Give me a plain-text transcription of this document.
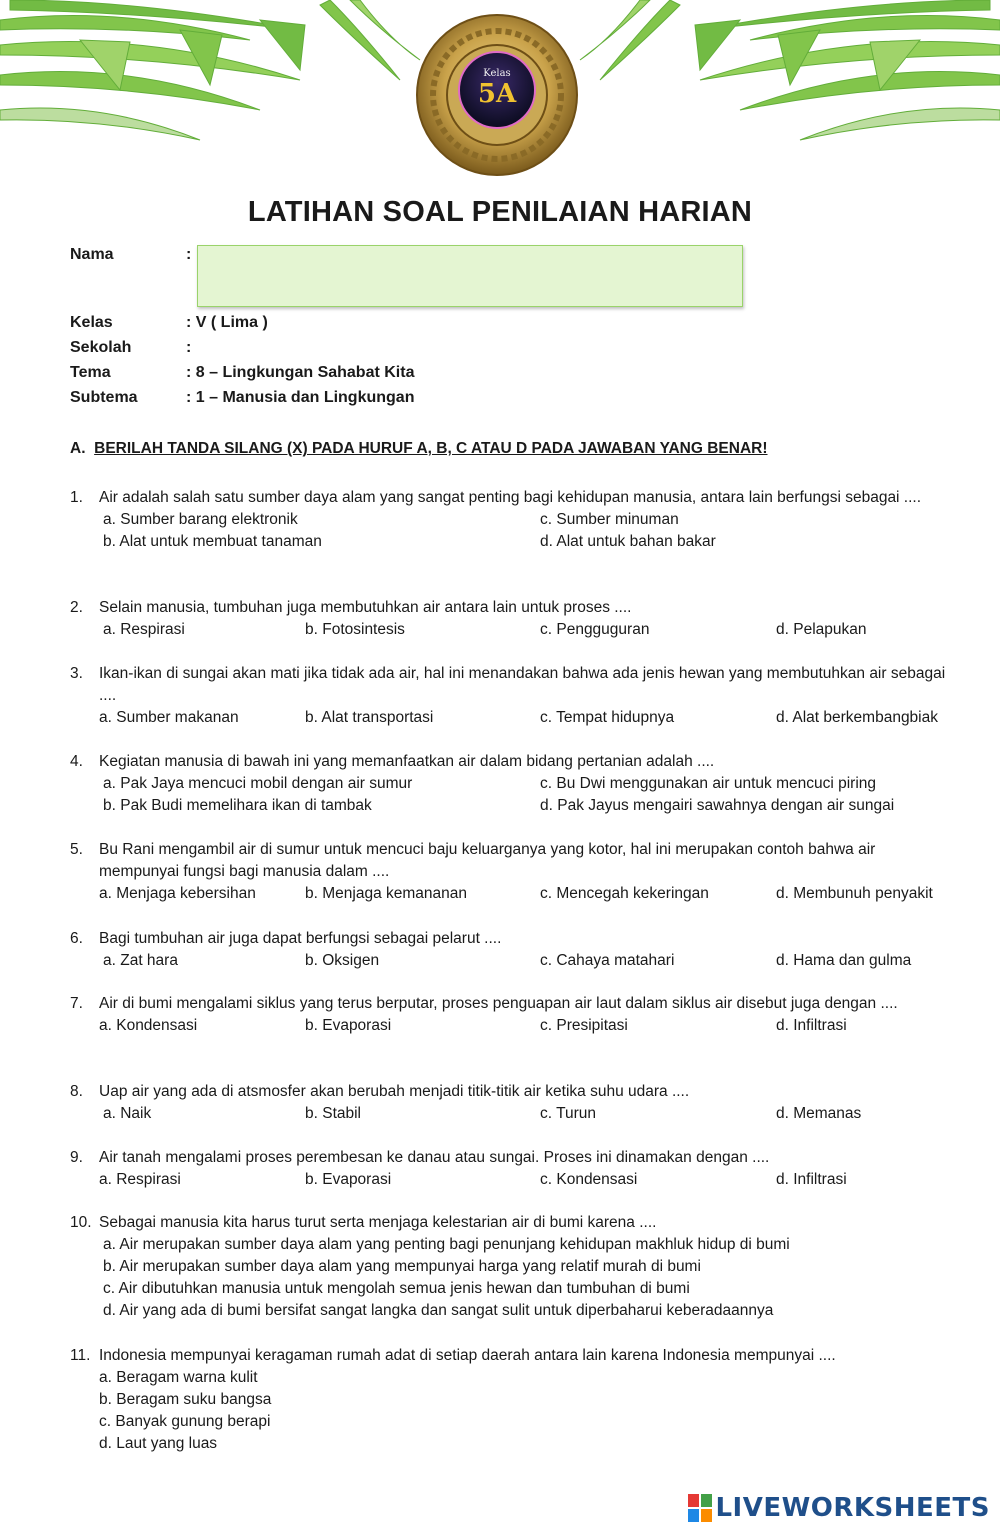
Kelas
5A
LATIHAN SOAL PENILAIAN HARIAN
Nama	:
Kelas	: V ( Lima )
Sekolah	:
Tema	: 8 – Lingkungan Sahabat Kita
Subtema	: 1 – Manusia dan Lingkungan
A. BERILAH TANDA SILANG (X) PADA HURUF A, B, C ATAU D PADA JAWABAN YANG BENAR!
1. Air adalah salah satu sumber daya alam yang sangat penting bagi kehidupan manusia, antara lain berfungsi sebagai ....
a. Sumber barang elektronik	c. Sumber minuman
b. Alat untuk membuat tanaman	d. Alat untuk bahan bakar
2. Selain manusia, tumbuhan juga membutuhkan air antara lain untuk proses ....
a. Respirasi	b. Fotosintesis	c. Pengguguran	d. Pelapukan
3. Ikan-ikan di sungai akan mati jika tidak ada air, hal ini menandakan bahwa ada jenis hewan yang membutuhkan air sebagai ....
a. Sumber makanan	b. Alat transportasi	c. Tempat hidupnya	d. Alat berkembangbiak
4. Kegiatan manusia di bawah ini yang memanfaatkan air dalam bidang pertanian adalah ....
a. Pak Jaya mencuci mobil dengan air sumur	c. Bu Dwi menggunakan air untuk mencuci piring
b. Pak Budi memelihara ikan di tambak	d. Pak Jayus mengairi sawahnya dengan air sungai
5. Bu Rani mengambil air di sumur untuk mencuci baju keluarganya yang kotor, hal ini merupakan contoh bahwa air mempunyai fungsi bagi manusia dalam ....
a. Menjaga kebersihan	b. Menjaga kemananan	c. Mencegah kekeringan	d. Membunuh penyakit
6. Bagi tumbuhan air juga dapat berfungsi sebagai pelarut ....
a. Zat hara	b. Oksigen	c. Cahaya matahari	d. Hama dan gulma
7. Air di bumi mengalami siklus yang terus berputar, proses penguapan air laut dalam siklus air disebut juga dengan ....
a. Kondensasi	b. Evaporasi	c. Presipitasi	d. Infiltrasi
8. Uap air yang ada di atsmosfer akan berubah menjadi titik-titik air ketika suhu udara ....
a. Naik	b. Stabil	c. Turun	d. Memanas
9. Air tanah mengalami proses perembesan ke danau atau sungai. Proses ini dinamakan dengan ....
a. Respirasi	b. Evaporasi	c. Kondensasi	d. Infiltrasi
10. Sebagai manusia kita harus turut serta menjaga kelestarian air di bumi karena ....
a. Air merupakan sumber daya alam yang penting bagi penunjang kehidupan makhluk hidup di bumi
b. Air merupakan sumber daya alam yang mempunyai harga yang relatif murah di bumi
c. Air dibutuhkan manusia untuk mengolah semua jenis hewan dan tumbuhan di bumi
d. Air yang ada di bumi bersifat sangat langka dan sangat sulit untuk diperbaharui keberadaannya
11. Indonesia mempunyai keragaman rumah adat di setiap daerah antara lain karena Indonesia mempunyai ....
a. Beragam warna kulit
b. Beragam suku bangsa
c. Banyak gunung berapi
d. Laut yang luas
LIVEWORKSHEETS
